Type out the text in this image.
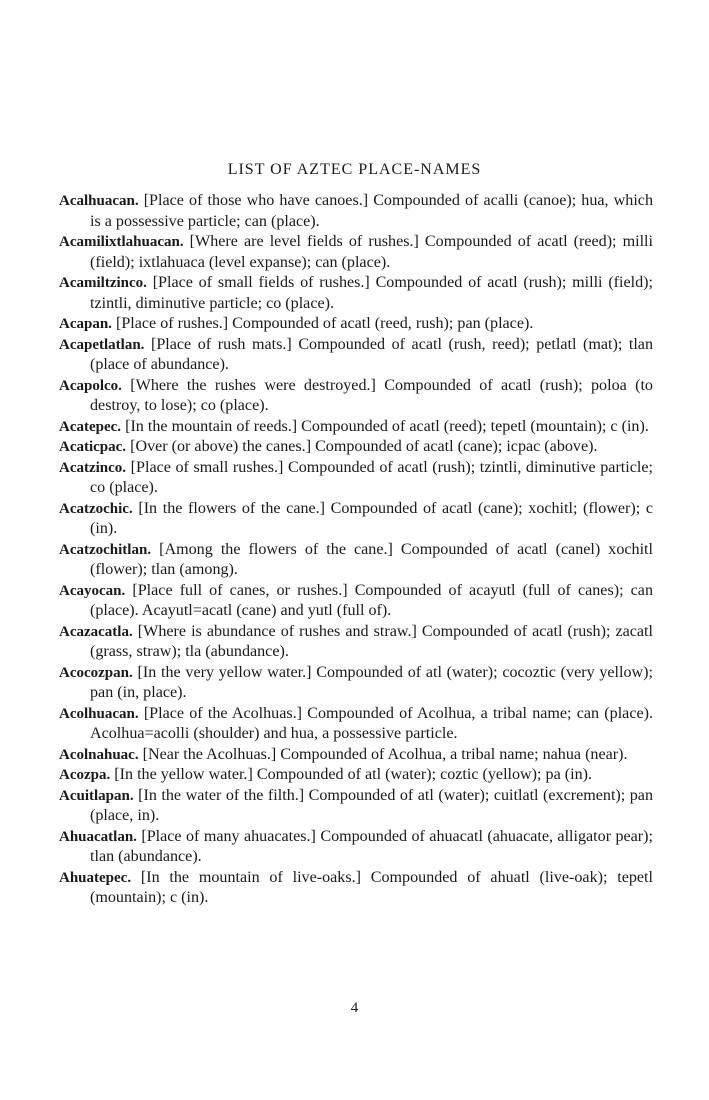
LIST OF AZTEC PLACE-NAMES
Acalhuacan. [Place of those who have canoes.] Compounded of acalli (canoe); hua, which is a possessive particle; can (place).
Acamilixtlahuacan. [Where are level fields of rushes.] Compounded of acatl (reed); milli (field); ixtlahuaca (level expanse); can (place).
Acamiltzinco. [Place of small fields of rushes.] Compounded of acatl (rush); milli (field); tzintli, diminutive particle; co (place).
Acapan. [Place of rushes.] Compounded of acatl (reed, rush); pan (place).
Acapetlatlan. [Place of rush mats.] Compounded of acatl (rush, reed); petlatl (mat); tlan (place of abundance).
Acapolco. [Where the rushes were destroyed.] Compounded of acatl (rush); poloa (to destroy, to lose); co (place).
Acatepec. [In the mountain of reeds.] Compounded of acatl (reed); tepetl (mountain); c (in).
Acaticpac. [Over (or above) the canes.] Compounded of acatl (cane); icpac (above).
Acatzinco. [Place of small rushes.] Compounded of acatl (rush); tzintli, diminutive particle; co (place).
Acatzochic. [In the flowers of the cane.] Compounded of acatl (cane); xochitl; (flower); c (in).
Acatzochitlan. [Among the flowers of the cane.] Compounded of acatl (canel) xochitl (flower); tlan (among).
Acayocan. [Place full of canes, or rushes.] Compounded of acayutl (full of canes); can (place). Acayutl=acatl (cane) and yutl (full of).
Acazacatla. [Where is abundance of rushes and straw.] Compounded of acatl (rush); zacatl (grass, straw); tla (abundance).
Acocozpan. [In the very yellow water.] Compounded of atl (water); cocoztic (very yellow); pan (in, place).
Acolhuacan. [Place of the Acolhuas.] Compounded of Acolhua, a tribal name; can (place). Acolhua=acolli (shoulder) and hua, a possessive particle.
Acolnahuac. [Near the Acolhuas.] Compounded of Acolhua, a tribal name; nahua (near).
Acozpa. [In the yellow water.] Compounded of atl (water); coztic (yellow); pa (in).
Acuitlapan. [In the water of the filth.] Compounded of atl (water); cuitlatl (excrement); pan (place, in).
Ahuacatlan. [Place of many ahuacates.] Compounded of ahuacatl (ahuacate, alligator pear); tlan (abundance).
Ahuatepec. [In the mountain of live-oaks.] Compounded of ahuatl (live-oak); tepetl (mountain); c (in).
4
